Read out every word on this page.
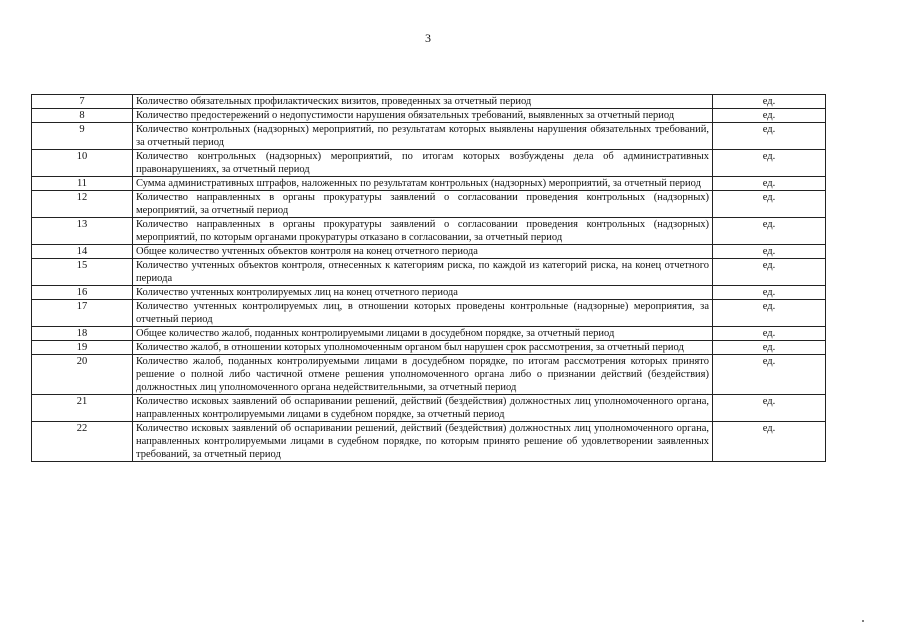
3
7	Количество обязательных профилактических визитов, проведенных за отчетный период	ед.
8	Количество предостережений о недопустимости нарушения обязательных требований, выявленных за отчетный период	ед.
9	Количество контрольных (надзорных) мероприятий, по результатам которых выявлены нарушения обязательных требований, за отчетный период	ед.
10	Количество контрольных (надзорных) мероприятий, по итогам которых возбуждены дела об административных правонарушениях, за отчетный период	ед.
11	Сумма административных штрафов, наложенных по результатам контрольных (надзорных) мероприятий, за отчетный период	ед.
12	Количество направленных в органы прокуратуры заявлений о согласовании проведения контрольных (надзорных) мероприятий, за отчетный период	ед.
13	Количество направленных в органы прокуратуры заявлений о согласовании проведения контрольных (надзорных) мероприятий, по которым органами прокуратуры отказано в согласовании, за отчетный период	ед.
14	Общее количество учтенных объектов контроля на конец отчетного периода	ед.
15	Количество учтенных объектов контроля, отнесенных к категориям риска, по каждой из категорий риска, на конец отчетного периода	ед.
16	Количество учтенных контролируемых лиц на конец отчетного периода	ед.
17	Количество учтенных контролируемых лиц, в отношении которых проведены контрольные (надзорные) мероприятия, за отчетный период	ед.
18	Общее количество жалоб, поданных контролируемыми лицами в досудебном порядке, за отчетный период	ед.
19	Количество жалоб, в отношении которых уполномоченным органом был нарушен срок рассмотрения, за отчетный период	ед.
20	Количество жалоб, поданных контролируемыми лицами в досудебном порядке, по итогам рассмотрения которых принято решение о полной либо частичной отмене решения уполномоченного органа либо о признании действий (бездействия) должностных лиц уполномоченного органа недействительными, за отчетный период	ед.
21	Количество исковых заявлений об оспаривании решений, действий (бездействия) должностных лиц уполномоченного органа, направленных контролируемыми лицами в судебном порядке, за отчетный период	ед.
22	Количество исковых заявлений об оспаривании решений, действий (бездействия) должностных лиц уполномоченного органа, направленных контролируемыми лицами в судебном порядке, по которым принято решение об удовлетворении заявленных требований, за отчетный период	ед.
